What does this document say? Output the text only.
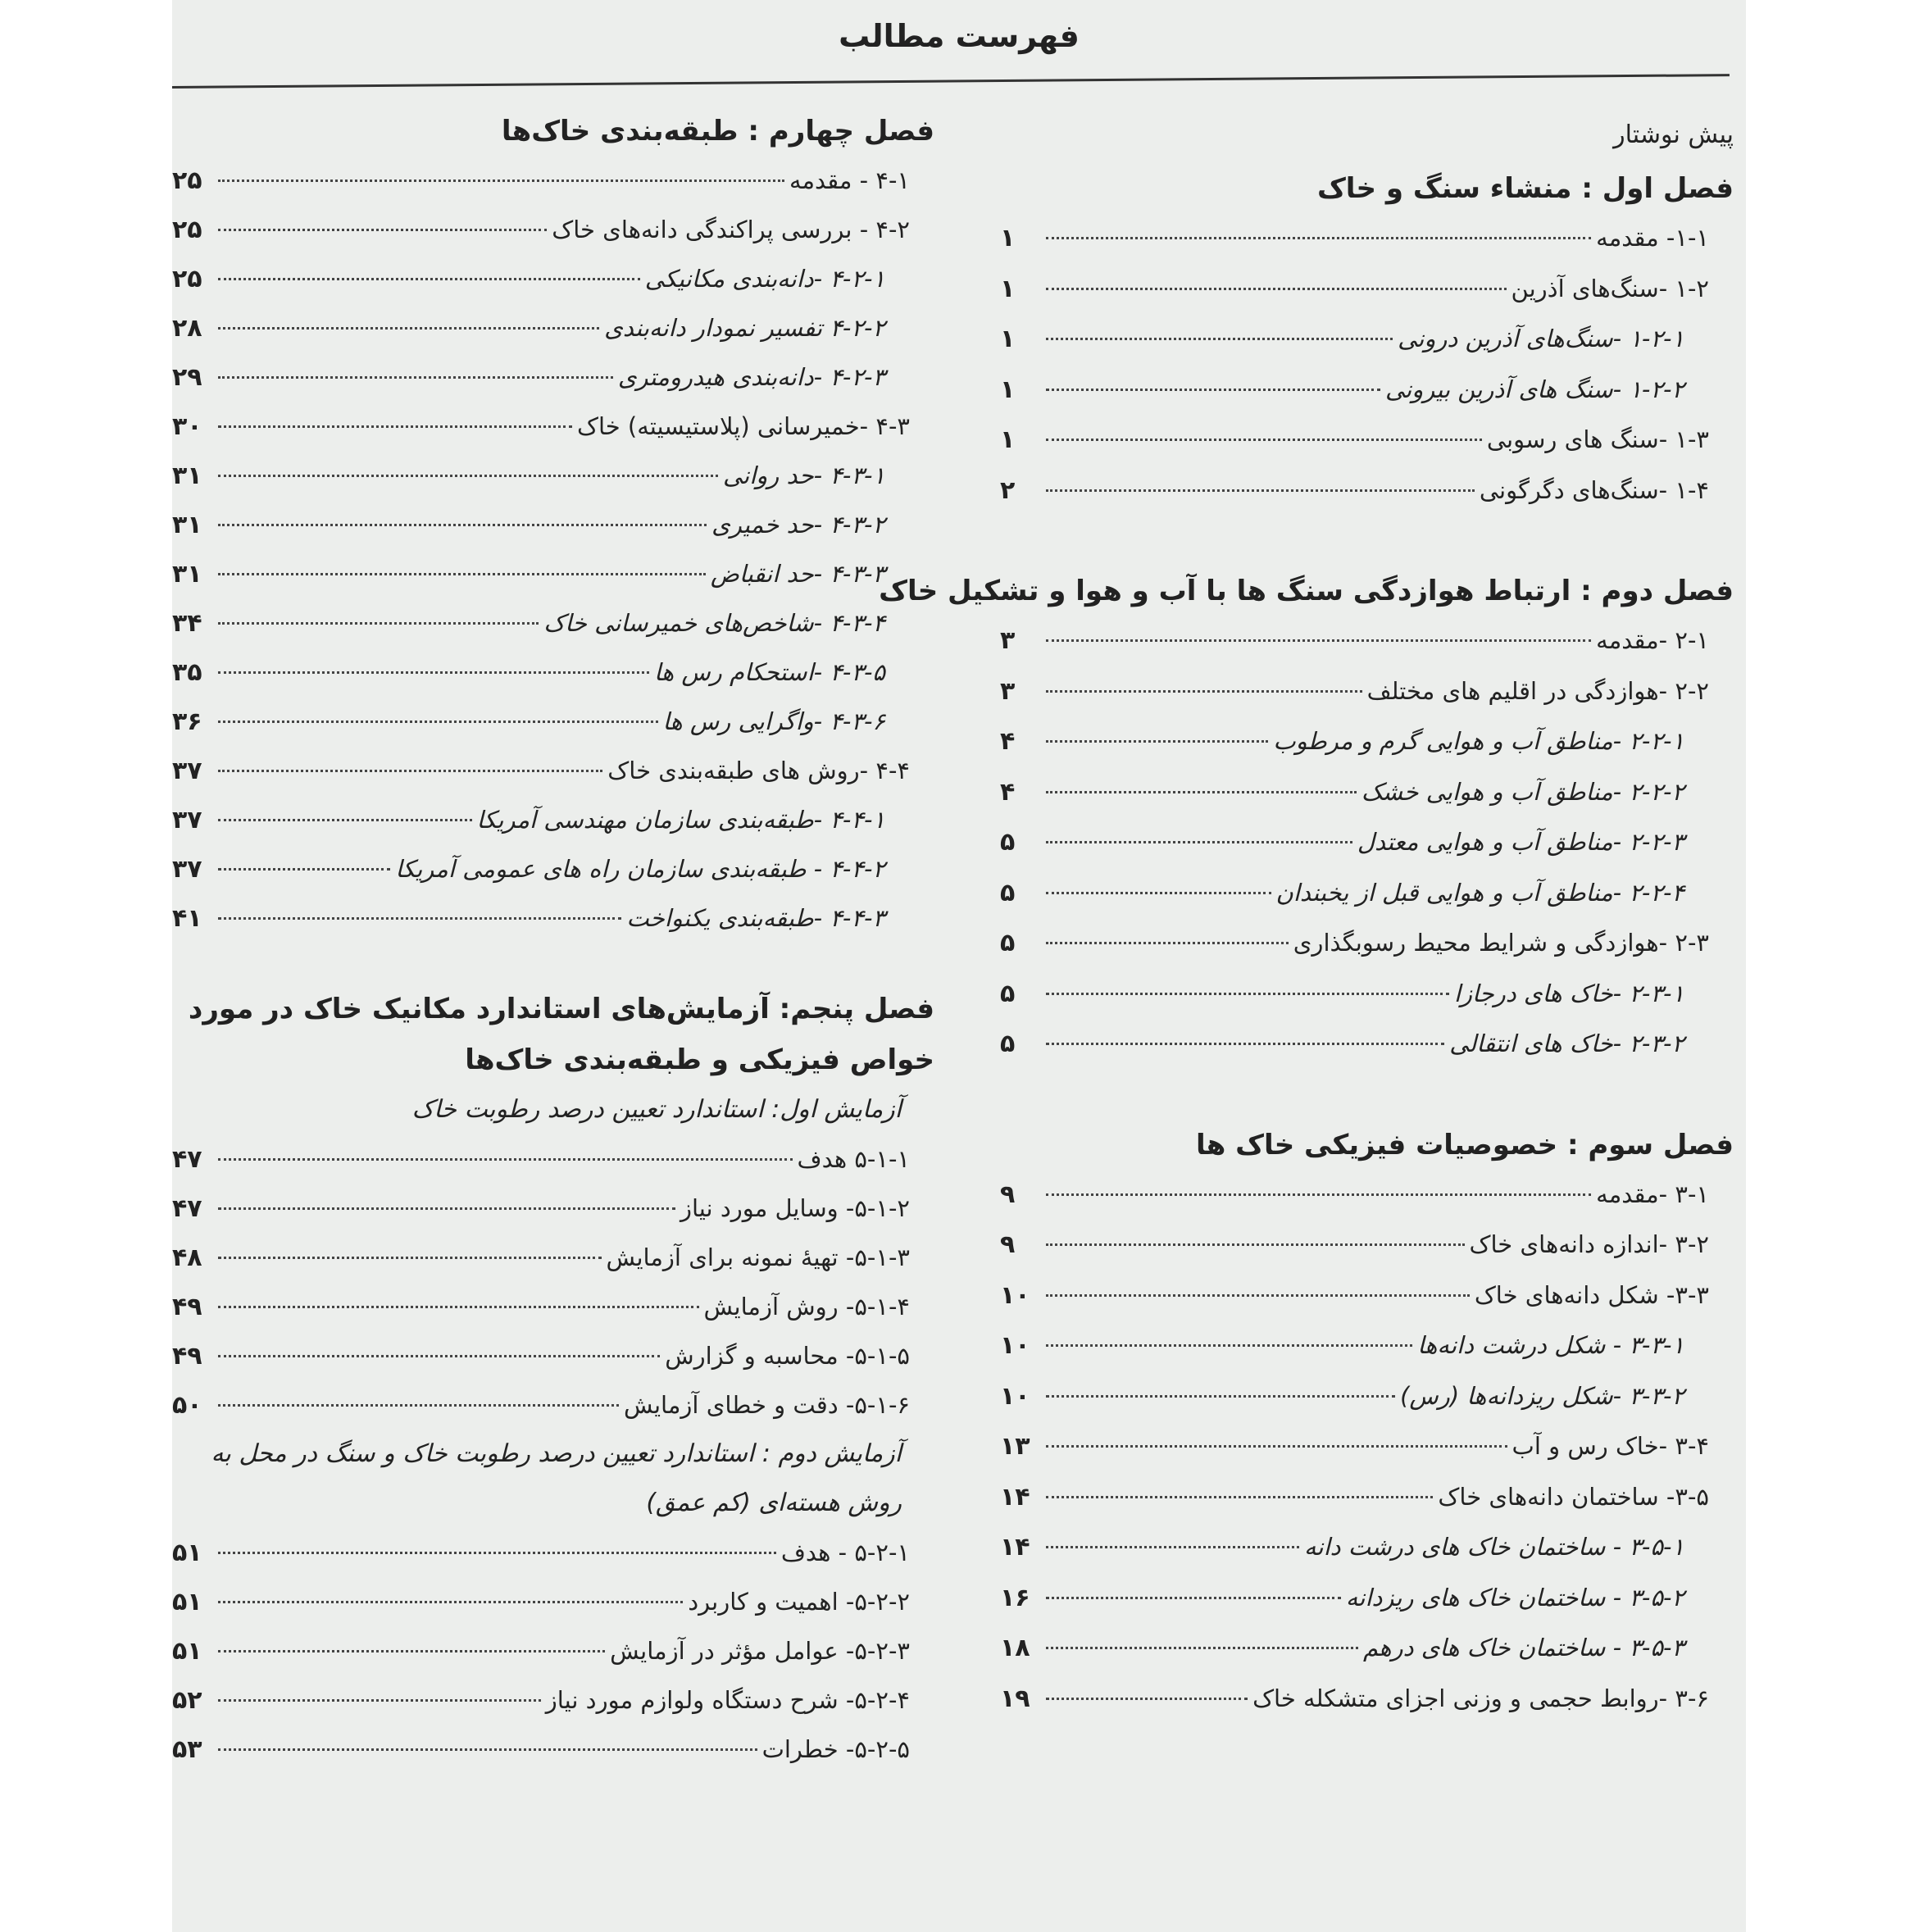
فهرست مطالب
پیش نوشتار
فصل اول : منشاء سنگ و خاک
۱-۱- مقدمه
۱
۱-۲ -سنگ‌های آذرین
۱
۱-۲-۱ -سنگ‌های آذرین درونی
۱
۱-۲-۲ -سنگ های آذرین بیرونی
۱
۱-۳ -سنگ های رسوبی
۱
۱-۴ -سنگ‌های دگرگونی
۲
فصل دوم : ارتباط هوازدگی سنگ ها با آب و هوا و تشکیل خاک
۲-۱ -مقدمه
۳
۲-۲ -هوازدگی در اقلیم های مختلف
۳
۲-۲-۱ -مناطق آب و هوایی گرم و مرطوب
۴
۲-۲-۲ -مناطق آب و هوایی خشک
۴
۲-۲-۳ -مناطق آب و هوایی معتدل
۵
۲-۲-۴ -مناطق آب و هوایی قبل از یخبندان
۵
۲-۳ -هوازدگی و شرایط محیط رسوبگذاری
۵
۲-۳-۱ -خاک های درجازا
۵
۲-۳-۲ -خاک های انتقالی
۵
فصل سوم : خصوصیات فیزیکی خاک ها
۳-۱ -مقدمه
۹
۳-۲ -اندازه دانه‌های خاک
۹
۳-۳- شکل دانه‌های خاک
۱۰
۳-۳-۱ - شکل درشت دانه‌ها
۱۰
۳-۳-۲ -شکل ریزدانه‌ها (رس)
۱۰
۳-۴ -خاک رس و آب
۱۳
۳-۵- ساختمان دانه‌های خاک
۱۴
۳-۵-۱ - ساختمان خاک های درشت دانه
۱۴
۳-۵-۲ - ساختمان خاک های ریزدانه
۱۶
۳-۵-۳ - ساختمان خاک های درهم
۱۸
۳-۶ -روابط حجمی و وزنی اجزای متشکله خاک
۱۹
فصل چهارم : طبقه‌بندی خاک‌ها
۴-۱ - مقدمه
۲۵
۴-۲ - بررسی پراکندگی دانه‌های خاک
۲۵
۴-۲-۱ -دانه‌بندی مکانیکی
۲۵
۴-۲-۲ تفسیر نمودار دانه‌بندی
۲۸
۴-۲-۳ -دانه‌بندی هیدرومتری
۲۹
۴-۳ -خمیرسانی (پلاستیسیته) خاک
۳۰
۴-۳-۱ -حد روانی
۳۱
۴-۳-۲ -حد خمیری
۳۱
۴-۳-۳ -حد انقباض
۳۱
۴-۳-۴ -شاخص‌های خمیرسانی خاک
۳۴
۴-۳-۵ -استحکام رس ها
۳۵
۴-۳-۶ -واگرایی رس ها
۳۶
۴-۴ -روش های طبقه‌بندی خاک
۳۷
۴-۴-۱ -طبقه‌بندی سازمان مهندسی آمریکا
۳۷
۴-۴-۲ - طبقه‌بندی سازمان راه های عمومی آمریکا
۳۷
۴-۴-۳ -طبقه‌بندی یکنواخت
۴۱
فصل پنجم: آزمایش‌های استاندارد مکانیک خاک در مورد خواص فیزیکی و طبقه‌بندی خاک‌ها
آزمایش اول: استاندارد تعیین درصد رطوبت خاک
۵-۱-۱ هدف
۴۷
۵-۱-۲- وسایل مورد نیاز
۴۷
۵-۱-۳- تهیهٔ نمونه برای آزمایش
۴۸
۵-۱-۴- روش آزمایش
۴۹
۵-۱-۵- محاسبه و گزارش
۴۹
۵-۱-۶- دقت و خطای آزمایش
۵۰
آزمایش دوم : استاندارد تعیین درصد رطوبت خاک و سنگ در محل به روش هسته‌ای (کم عمق)
۵-۲-۱ - هدف
۵۱
۵-۲-۲- اهمیت و کاربرد
۵۱
۵-۲-۳- عوامل مؤثر در آزمایش
۵۱
۵-۲-۴- شرح دستگاه ولوازم مورد نیاز
۵۲
۵-۲-۵- خطرات
۵۳
